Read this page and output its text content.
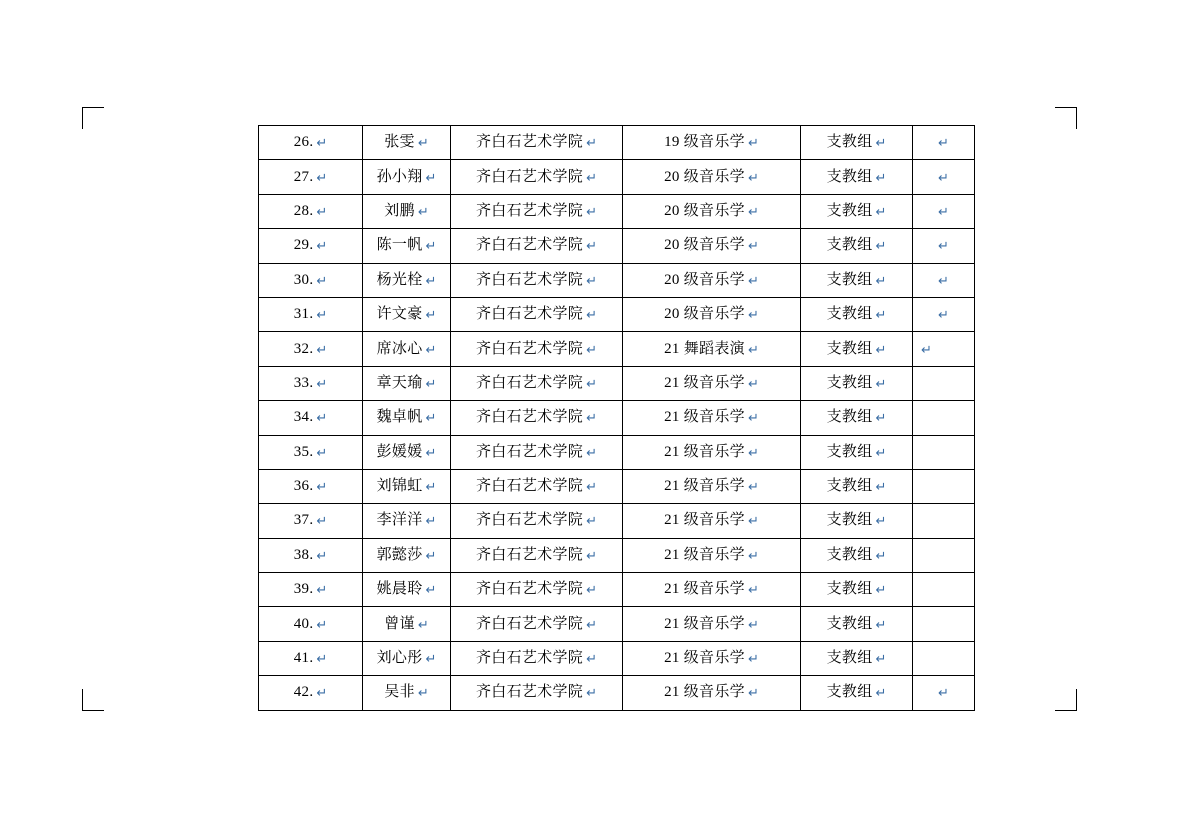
26. ↵	张雯 ↵	齐白石艺术学院 ↵	19 级音乐学 ↵	支教组 ↵	↵

27. ↵	孙小翔 ↵	齐白石艺术学院 ↵	20 级音乐学 ↵	支教组 ↵	↵

28. ↵	刘鹏 ↵	齐白石艺术学院 ↵	20 级音乐学 ↵	支教组 ↵	↵

29. ↵	陈一帆 ↵	齐白石艺术学院 ↵	20 级音乐学 ↵	支教组 ↵	↵

30. ↵	杨光栓 ↵	齐白石艺术学院 ↵	20 级音乐学 ↵	支教组 ↵	↵

31. ↵	许文豪 ↵	齐白石艺术学院 ↵	20 级音乐学 ↵	支教组 ↵	↵

32. ↵	席冰心 ↵	齐白石艺术学院 ↵	21 舞蹈表演 ↵	支教组 ↵	↵

33. ↵	章天瑜 ↵	齐白石艺术学院 ↵	21 级音乐学 ↵	支教组 ↵	

34. ↵	魏卓帆 ↵	齐白石艺术学院 ↵	21 级音乐学 ↵	支教组 ↵	

35. ↵	彭媛媛 ↵	齐白石艺术学院 ↵	21 级音乐学 ↵	支教组 ↵	

36. ↵	刘锦虹 ↵	齐白石艺术学院 ↵	21 级音乐学 ↵	支教组 ↵	

37. ↵	李洋洋 ↵	齐白石艺术学院 ↵	21 级音乐学 ↵	支教组 ↵	

38. ↵	郭懿莎 ↵	齐白石艺术学院 ↵	21 级音乐学 ↵	支教组 ↵	

39. ↵	姚晨聆 ↵	齐白石艺术学院 ↵	21 级音乐学 ↵	支教组 ↵	

40. ↵	曾谨 ↵	齐白石艺术学院 ↵	21 级音乐学 ↵	支教组 ↵	

41. ↵	刘心彤 ↵	齐白石艺术学院 ↵	21 级音乐学 ↵	支教组 ↵	

42. ↵	吴非 ↵	齐白石艺术学院 ↵	21 级音乐学 ↵	支教组 ↵	↵
